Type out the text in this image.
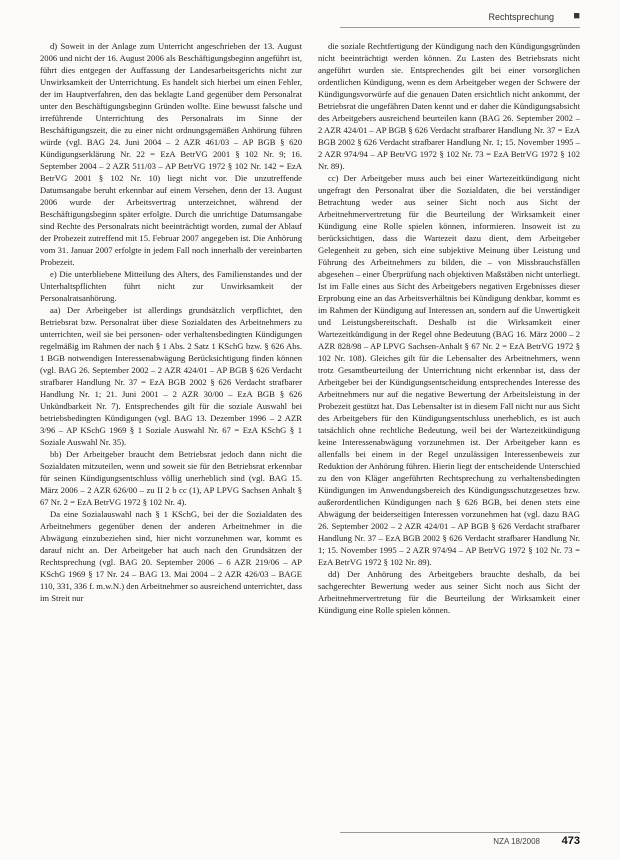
Rechtsprechung ■

d) Soweit in der Anlage zum Unterricht angeschrieben der 13. August 2006 und nicht der 16. August 2006 als Beschäftigungsbeginn angeführt ist, führt dies entgegen der Auffassung der Landesarbeitsgerichts nicht zur Unwirksamkeit der Unterrichtung. Es handelt sich hierbei um einen Fehler, der im Hauptverfahren, den das beklagte Land gegenüber dem Personalrat unter den Beschäftigungsbeginn Gründen wollte. Eine bewusst falsche und irreführende Unterrichtung des Personalrats im Sinne der Beschäftigungszeit, die zu einer nicht ordnungsgemäßen Anhörung führen würde (vgl. BAG 24. Juni 2004 – 2 AZR 461/03 – AP BGB § 620 Kündigungserklärung Nr. 22 = EzA BetrVG 2001 § 102 Nr. 9; 16. September 2004 – 2 AZR 511/03 – AP BetrVG 1972 § 102 Nr. 142 = EzA BetrVG 2001 § 102 Nr. 10) liegt nicht vor. Die unzutreffende Datumsangabe beruht erkennbar auf einem Versehen, denn der 13. August 2006 wurde der Arbeitsvertrag unterzeichnet, während der Beschäftigungsbeginn später erfolgte. Durch die unrichtige Datumsangabe sind Rechte des Personalrats nicht beeinträchtigt worden, zumal der Ablauf der Probezeit zutreffend mit 15. Februar 2007 angegeben ist. Die Anhörung vom 31. Januar 2007 erfolgte in jedem Fall noch innerhalb der vereinbarten Probezeit.

e) Die unterbliebene Mitteilung des Alters, des Familienstandes und der Unterhaltspflichten führt nicht zur Unwirksamkeit der Personalratsanhörung.

aa) Der Arbeitgeber ist allerdings grundsätzlich verpflichtet, den Betriebsrat bzw. Personalrat über diese Sozialdaten des Arbeitnehmers zu unterrichten, weil sie bei personen- oder verhaltensbedingten Kündigungen regelmäßig im Rahmen der nach § 1 Abs. 2 Satz 1 KSchG bzw. § 626 Abs. 1 BGB notwendigen Interessenabwägung Berücksichtigung finden können (vgl. BAG 26. September 2002 – 2 AZR 424/01 – AP BGB § 626 Verdacht strafbarer Handlung Nr. 37 = EzA BGB 2002 § 626 Verdacht strafbarer Handlung Nr. 1; 21. Juni 2001 – 2 AZR 30/00 – EzA BGB § 626 Unkündbarkeit Nr. 7). Entsprechendes gilt für die soziale Auswahl bei betriebsbedingten Kündigungen (vgl. BAG 13. Dezember 1996 – 2 AZR 3/96 – AP KSchG 1969 § 1 Soziale Auswahl Nr. 67 = EzA KSchG § 1 Soziale Auswahl Nr. 35).

bb) Der Arbeitgeber braucht dem Betriebsrat jedoch dann nicht die Sozialdaten mitzuteilen, wenn und soweit sie für den Betriebsrat erkennbar für seinen Kündigungsentschluss völlig unerheblich sind (vgl. BAG 15. März 2006 – 2 AZR 626/00 – zu II 2 b cc (1), AP LPVG Sachsen Anhalt § 67 Nr. 2 = EzA BetrVG 1972 § 102 Nr. 4).

Da eine Sozialauswahl nach § 1 KSchG, bei der die Sozialdaten des Arbeitnehmers gegenüber denen der anderen Arbeitnehmer in die Abwägung einzubeziehen sind, hier nicht vorzunehmen war, kommt es darauf nicht an. Der Arbeitgeber hat auch nach den Grundsätzen der Rechtsprechung (vgl. BAG 20. September 2006 – 6 AZR 219/06 – AP KSchG 1969 § 17 Nr. 24 – BAG 13. Mai 2004 – 2 AZR 426/03 – BAGE 110, 331, 336 f. m.w.N.) den Arbeitnehmer so ausreichend unterrichtet, dass im Streit nur

die soziale Rechtfertigung der Kündigung nach den Kündigungsgründen nicht beeinträchtigt werden können. Zu Lasten des Betriebsrats nicht angeführt wurden sie. Entsprechendes gilt bei einer vorsorglichen ordentlichen Kündigung, wenn es dem Arbeitgeber wegen der Schwere der Kündigungsvorwürfe auf die genauen Daten ersichtlich nicht ankommt, der Betriebsrat die ungefähren Daten kennt und er daher die Kündigungsabsicht des Arbeitgebers ausreichend beurteilen kann (BAG 26. September 2002 – 2 AZR 424/01 – AP BGB § 626 Verdacht strafbarer Handlung Nr. 37 = EzA BGB 2002 § 626 Verdacht strafbarer Handlung Nr. 1; 15. November 1995 – 2 AZR 974/94 – AP BetrVG 1972 § 102 Nr. 73 = EzA BetrVG 1972 § 102 Nr. 89).

cc) Der Arbeitgeber muss auch bei einer Wartezeitkündigung nicht ungefragt den Personalrat über die Sozialdaten, die bei verständiger Betrachtung weder aus seiner Sicht noch aus Sicht der Arbeitnehmervertretung für die Beurteilung der Wirksamkeit einer Kündigung eine Rolle spielen können, informieren. Insoweit ist zu berücksichtigen, dass die Wartezeit dazu dient, dem Arbeitgeber Gelegenheit zu geben, sich eine subjektive Meinung über Leistung und Führung des Arbeitnehmers zu bilden, die – von Missbrauchsfällen abgesehen – einer Überprüfung nach objektiven Maßstäben nicht unterliegt. Ist im Falle eines aus Sicht des Arbeitgebers negativen Ergebnisses dieser Erprobung eine an das Arbeitsverhältnis bei Kündigung denkbar, kommt es im Rahmen der Kündigung auf Interessen an, sondern auf die Unwertigkeit und Leistungsbereitschaft. Deshalb ist die Wirksamkeit einer Wartezeitkündigung in der Regel ohne Bedeutung (BAG 16. März 2000 – 2 AZR 828/98 – AP LPVG Sachsen-Anhalt § 67 Nr. 2 = EzA BetrVG 1972 § 102 Nr. 108). Gleiches gilt für die Lebensalter des Arbeitnehmers, wenn trotz Gesamtbeurteilung der Unterrichtung nicht erkennbar ist, dass der Arbeitgeber bei der Kündigungsentscheidung entsprechendes Interesse des Arbeitnehmers nur auf die negative Bewertung der Arbeitsleistung in der Probezeit gestützt hat. Das Lebensalter ist in diesem Fall nicht nur aus Sicht des Arbeitgebers für den Kündigungsentschluss unerheblich, es ist auch tatsächlich ohne rechtliche Bedeutung, weil bei der Wartezeitkündigung keine Interessenabwägung vorzunehmen ist. Der Arbeitgeber kann es allenfalls bei einem in der Regel unzulässigen Interessenbeweis zur Reduktion der Anhörung führen. Hierin liegt der entscheidende Unterschied zu den von Kläger angeführten Rechtsprechung zu verhaltensbedingten Kündigungen im Anwendungsbereich des Kündigungsschutzgesetzes bzw. außerordentlichen Kündigungen nach § 626 BGB, bei denen stets eine Abwägung der beiderseitigen Interessen vorzunehmen hat (vgl. dazu BAG 26. September 2002 – 2 AZR 424/01 – AP BGB § 626 Verdacht strafbarer Handlung Nr. 37 – EzA BGB 2002 § 626 Verdacht strafbarer Handlung Nr. 1; 15. November 1995 – 2 AZR 974/94 – AP BetrVG 1972 § 102 Nr. 73 = EzA BetrVG 1972 § 102 Nr. 89).

dd) Der Anhörung des Arbeitgebers brauchte deshalb, da bei sachgerechter Bewertung weder aus seiner Sicht noch aus Sicht der Arbeitnehmervertretung für die Beurteilung der Wirksamkeit einer Kündigung eine Rolle spielen können.

NZA 18/2008 473
